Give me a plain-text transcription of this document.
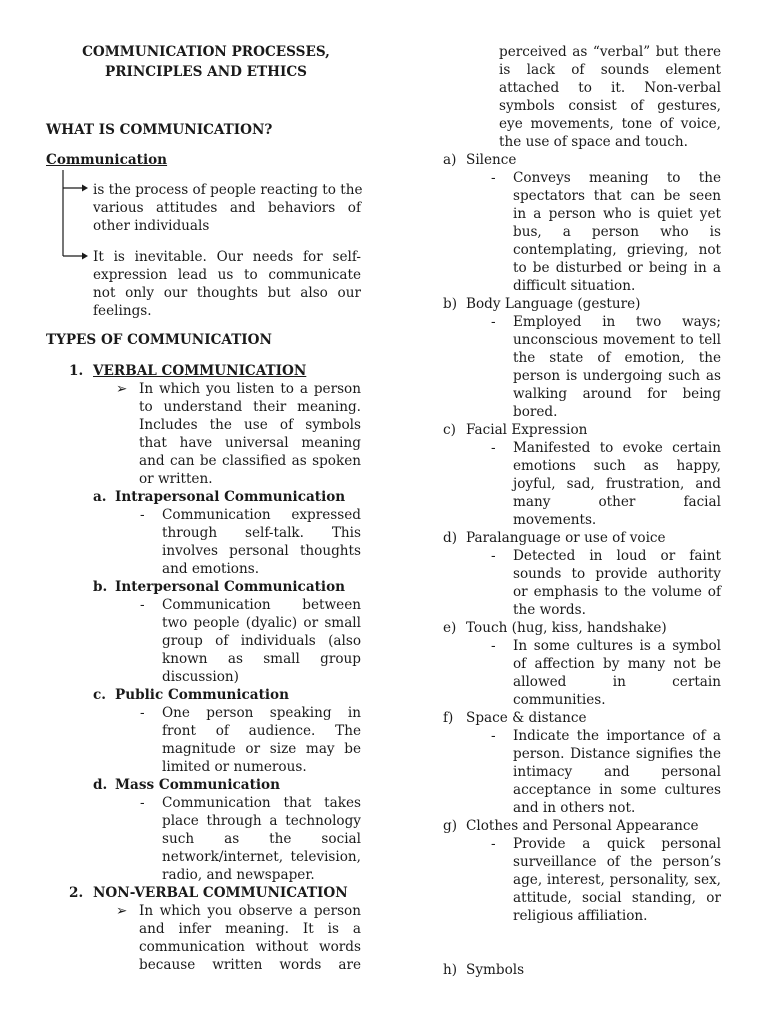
COMMUNICATION PROCESSES,
PRINCIPLES AND ETHICS
WHAT IS COMMUNICATION?
Communication
is the process of people reacting to the
various attitudes and behaviors of
other individuals
It is inevitable. Our needs for self-
expression lead us to communicate
not only our thoughts but also our
feelings.
TYPES OF COMMUNICATION
1. VERBAL COMMUNICATION
➢ In which you listen to a person
to understand their meaning.
Includes the use of symbols
that have universal meaning
and can be classified as spoken
or written.
a. Intrapersonal Communication
- Communication expressed
through self-talk. This
involves personal thoughts
and emotions.
b. Interpersonal Communication
- Communication between
two people (dyalic) or small
group of individuals (also
known as small group
discussion)
c. Public Communication
- One person speaking in
front of audience. The
magnitude or size may be
limited or numerous.
d. Mass Communication
- Communication that takes
place through a technology
such as the social
network/internet, television,
radio, and newspaper.
2. NON-VERBAL COMMUNICATION
➢ In which you observe a person
and infer meaning. It is a
communication without words
because written words are
perceived as “verbal” but there
is lack of sounds element
attached to it. Non-verbal
symbols consist of gestures,
eye movements, tone of voice,
the use of space and touch.
a) Silence
- Conveys meaning to the
spectators that can be seen
in a person who is quiet yet
bus, a person who is
contemplating, grieving, not
to be disturbed or being in a
difficult situation.
b) Body Language (gesture)
- Employed in two ways;
unconscious movement to tell
the state of emotion, the
person is undergoing such as
walking around for being
bored.
c) Facial Expression
- Manifested to evoke certain
emotions such as happy,
joyful, sad, frustration, and
many other facial
movements.
d) Paralanguage or use of voice
- Detected in loud or faint
sounds to provide authority
or emphasis to the volume of
the words.
e) Touch (hug, kiss, handshake)
- In some cultures is a symbol
of affection by many not be
allowed in certain
communities.
f) Space & distance
- Indicate the importance of a
person. Distance signifies the
intimacy and personal
acceptance in some cultures
and in others not.
g) Clothes and Personal Appearance
- Provide a quick personal
surveillance of the person’s
age, interest, personality, sex,
attitude, social standing, or
religious affiliation.
h) Symbols
